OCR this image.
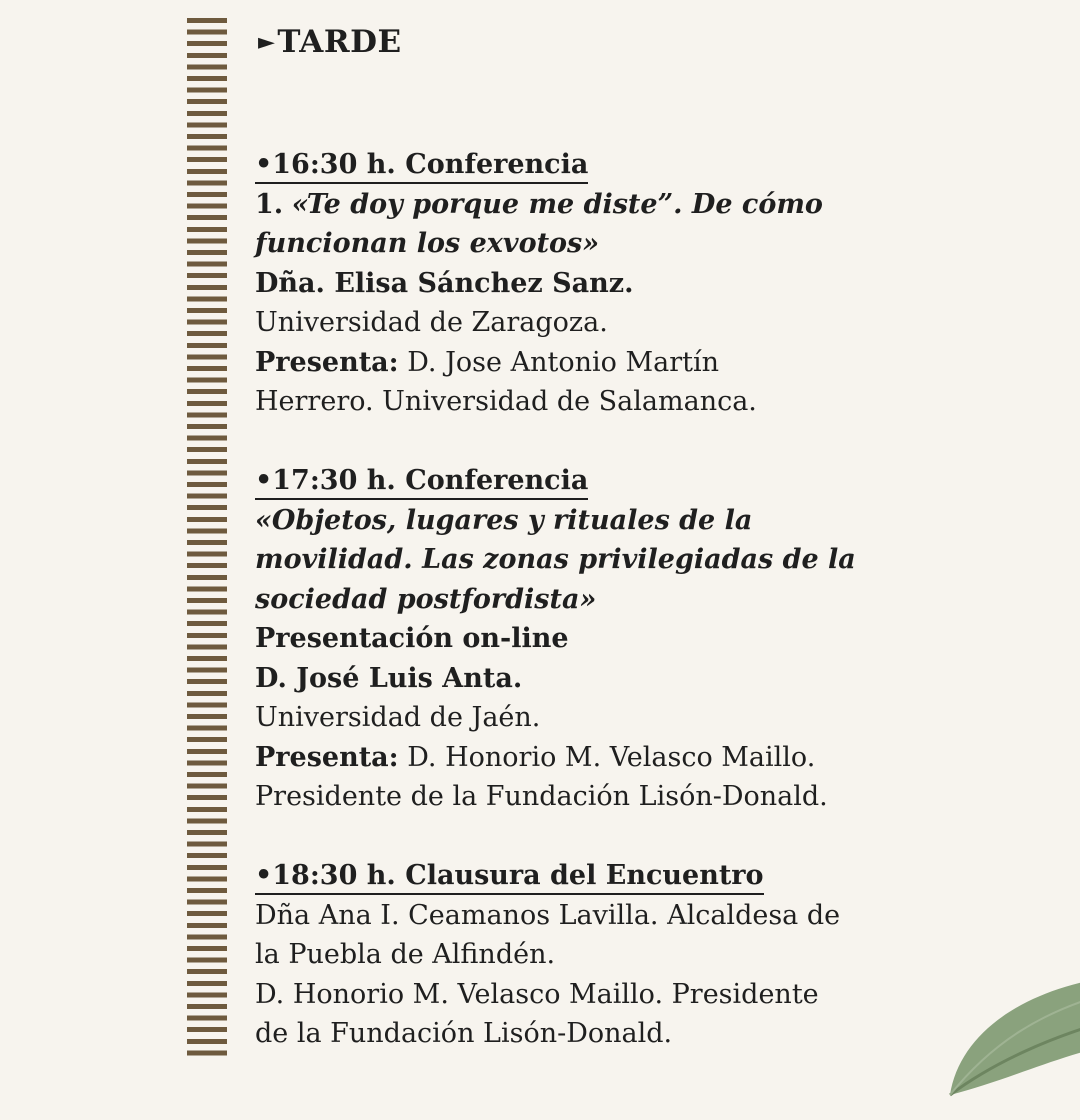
►TARDE
•16:30 h. Conferencia
1. «Te doy porque me diste”. De cómo
funcionan los exvotos»
Dña. Elisa Sánchez Sanz.
Universidad de Zaragoza.
Presenta: D. Jose Antonio Martín
Herrero. Universidad de Salamanca.
•17:30 h. Conferencia
«Objetos, lugares y rituales de la
movilidad. Las zonas privilegiadas de la
sociedad postfordista»
Presentación on-line
D. José Luis Anta.
Universidad de Jaén.
Presenta: D. Honorio M. Velasco Maillo.
Presidente de la Fundación Lisón-Donald.
•18:30 h. Clausura del Encuentro
Dña Ana I. Ceamanos Lavilla. Alcaldesa de
la Puebla de Alfindén.
D. Honorio M. Velasco Maillo. Presidente
de la Fundación Lisón-Donald.
